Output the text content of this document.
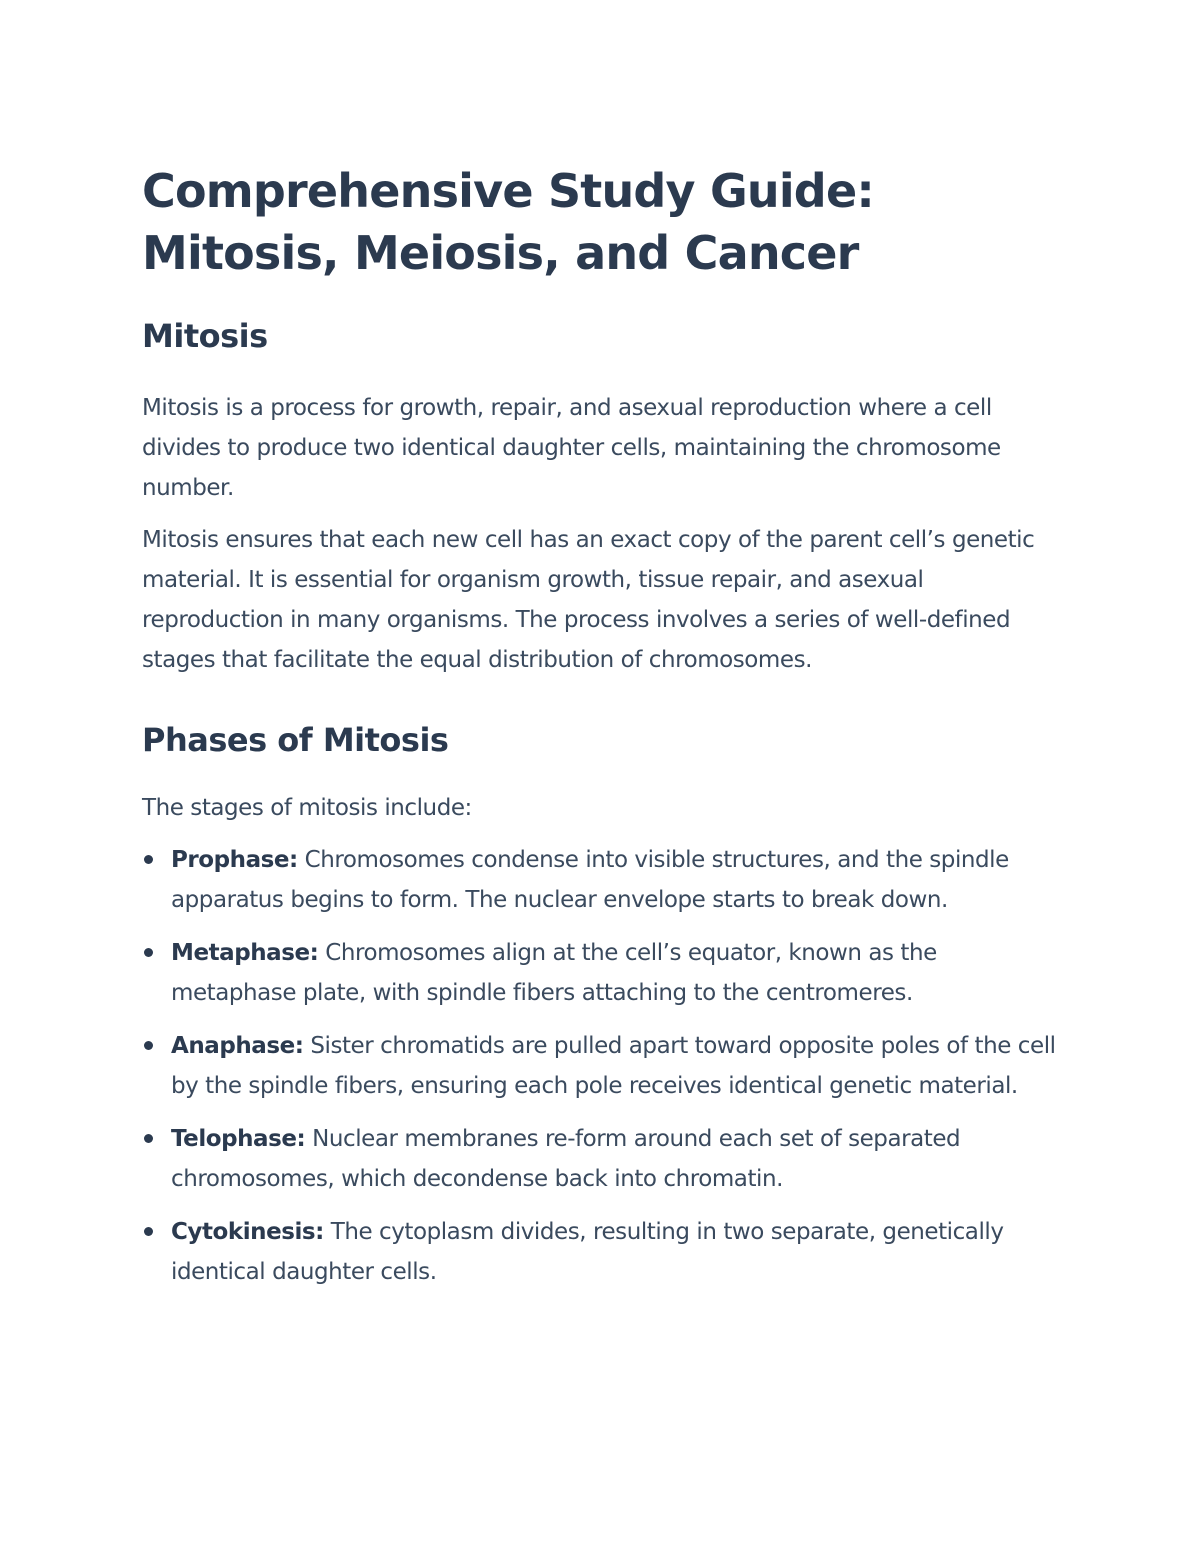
Comprehensive Study Guide: Mitosis, Meiosis, and Cancer
Mitosis

Mitosis is a process for growth, repair, and asexual reproduction where a cell divides to produce two identical daughter cells, maintaining the chromosome number.

Mitosis ensures that each new cell has an exact copy of the parent cell’s genetic material. It is essential for organism growth, tissue repair, and asexual reproduction in many organisms. The process involves a series of well-defined stages that facilitate the equal distribution of chromosomes.

Phases of Mitosis

The stages of mitosis include:

Prophase: Chromosomes condense into visible structures, and the spindle apparatus begins to form. The nuclear envelope starts to break down.
Metaphase: Chromosomes align at the cell’s equator, known as the metaphase plate, with spindle fibers attaching to the centromeres.
Anaphase: Sister chromatids are pulled apart toward opposite poles of the cell by the spindle fibers, ensuring each pole receives identical genetic material.
Telophase: Nuclear membranes re-form around each set of separated chromosomes, which decondense back into chromatin.
Cytokinesis: The cytoplasm divides, resulting in two separate, genetically identical daughter cells.
